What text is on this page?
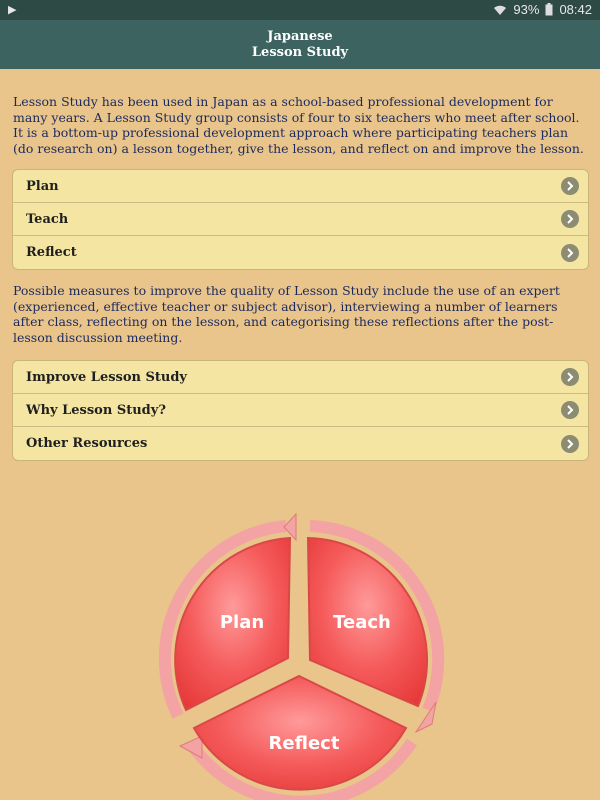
▶	93% 08:42
Japanese
Lesson Study
Lesson Study has been used in Japan as a school-based professional development for many years. A Lesson Study group consists of four to six teachers who meet after school. It is a bottom-up professional development approach where participating teachers plan (do research on) a lesson together, give the lesson, and reflect on and improve the lesson.
Plan
Teach
Reflect
Possible measures to improve the quality of Lesson Study include the use of an expert (experienced, effective teacher or subject advisor), interviewing a number of learners after class, reflecting on the lesson, and categorising these reflections after the post-lesson discussion meeting.
Improve Lesson Study
Why Lesson Study?
Other Resources
Plan	Teach
Reflect
